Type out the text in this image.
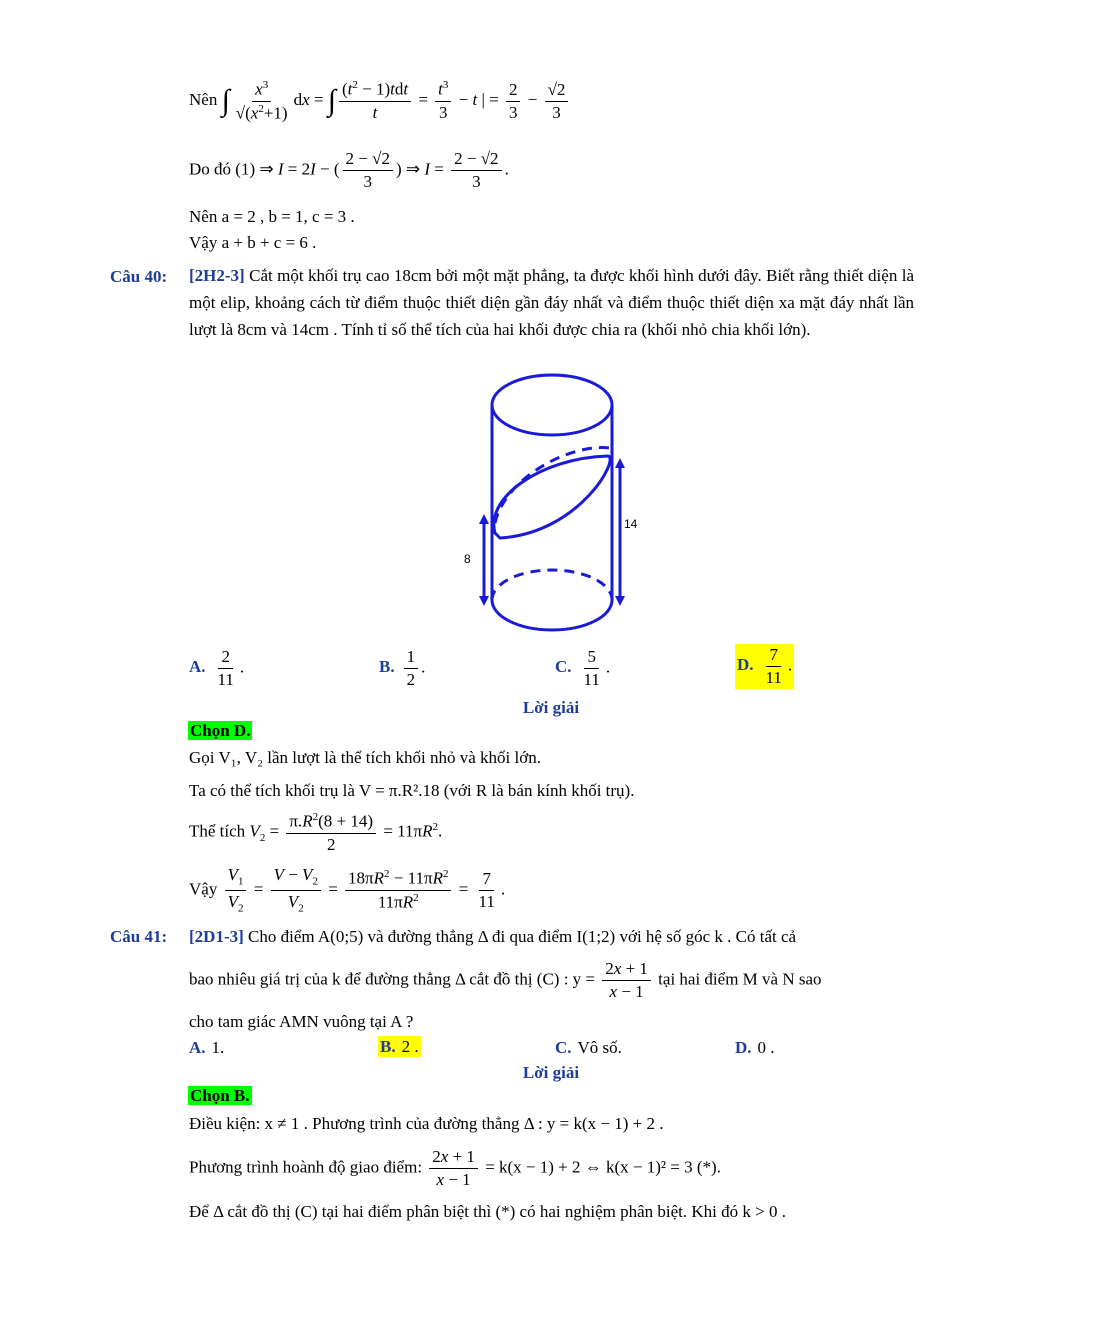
Nên ∫ $\frac{x^3}{√(x^2+1)}$ dx = ∫ $\frac{(t^2 - 1)tdt}{t} = \frac{t^3}{3} - t$ | = $\frac{2}{3} - \frac{√2}{3}$
Do đó (1) ⇒ I = 2I − ( $\frac{2 - √2}{3}$ ) ⇒ $I = \frac{2 - √2}{3}$ .
Nên a = 2 , b = 1, c = 3 .
Vậy a + b + c = 6 .
Câu 40: [2H2-3] Cắt một khối trụ cao 18cm bởi một mặt phẳng, ta được khối hình dưới đây. Biết rằng thiết diện là một elip, khoảng cách từ điểm thuộc thiết diện gần đáy nhất và điểm thuộc thiết diện xa mặt đáy nhất lần lượt là 8cm và 14cm . Tính tỉ số thể tích của hai khối được chia ra (khối nhỏ chia khối lớn).
8
14
A. $\frac{2}{11}$ .	B. $\frac{1}{2}$ .	C. $\frac{5}{11}$ .	D. $\frac{7}{11}$ .
Lời giải
Chọn D.
Gọi V₁, V₂ lần lượt là thể tích khối nhỏ và khối lớn.
Ta có thể tích khối trụ là V = π.R².18 (với R là bán kính khối trụ).
Thể tích $V_2 = \frac{\pi.R^2(8 + 14)}{2} = 11\pi R^2$.
Vậy $\frac{V_1}{V_2} = \frac{V - V_2}{V_2} = \frac{18\pi R^2 - 11\pi R^2}{11\pi R^2} = \frac{7}{11}$ .
Câu 41: [2D1-3] Cho điểm A(0;5) và đường thẳng Δ đi qua điểm I(1;2) với hệ số góc k . Có tất cả
bao nhiêu giá trị của k để đường thẳng Δ cắt đồ thị (C) : $y = \frac{2x + 1}{x - 1}$ tại hai điểm M và N sao
cho tam giác AMN vuông tại A ?
A. 1.	B. 2 .	C. Vô số.	D. 0 .
Lời giải
Chọn B.
Điều kiện: x ≠ 1 . Phương trình của đường thẳng Δ : y = k(x − 1) + 2 .
Phương trình hoành độ giao điểm: $\frac{2x + 1}{x - 1} = k(x - 1) + 2$ ⇔ k(x − 1)² = 3 (*).
Để Δ cắt đồ thị (C) tại hai điểm phân biệt thì (*) có hai nghiệm phân biệt. Khi đó k > 0 .
